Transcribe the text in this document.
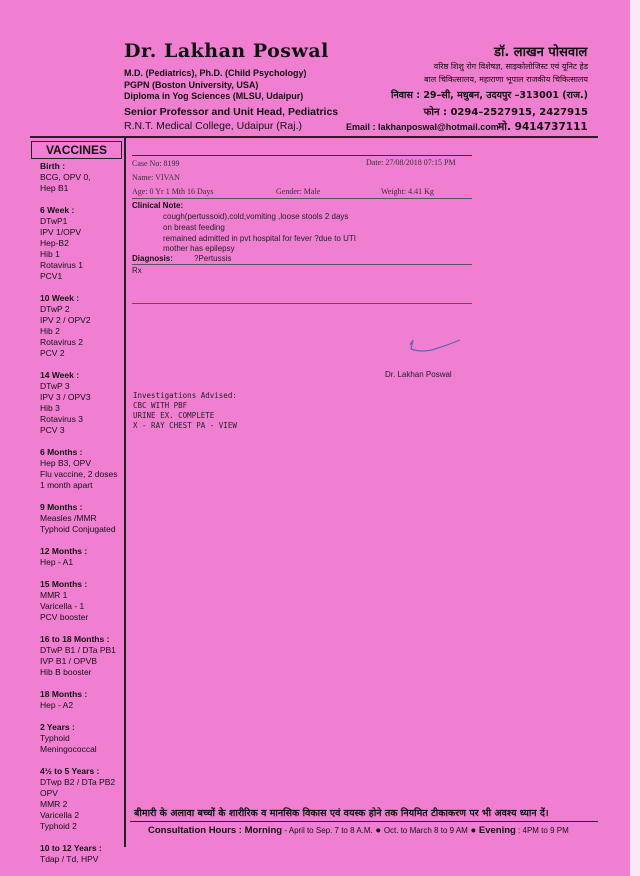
Dr. Lakhan Poswal
M.D. (Pediatrics), Ph.D. (Child Psychology)
PGPN (Boston University, USA)
Diploma in Yog Sciences (MLSU, Udaipur)
Senior Professor and Unit Head, Pediatrics
R.N.T. Medical College, Udaipur (Raj.)
डॉ. लाखन पोसवाल
वरिष्ठ शिशु रोग विशेषज्ञ, साइकोलोजिस्ट एवं यूनिट हेड
बाल चिकित्सालय, महाराणा भूपाल राजकीय चिकित्सालय
निवास : 29–सी, मधुबन, उदयपुर –313001 (राज.)
फोन : 0294–2527915, 2427915
Email : lakhanposwal@hotmail.com मो. 9414737111
VACCINES
Birth :
BCG, OPV 0,
Hep B1
6 Week :
DTwP1
IPV 1/OPV
Hep-B2
Hib 1
Rotavirus 1
PCV1
10 Week :
DTwP 2
IPV 2 / OPV2
Hib 2
Rotavirus 2
PCV 2
14 Week :
DTwP 3
IPV 3 / OPV3
Hib 3
Rotavirus 3
PCV 3
6 Months :
Hep B3, OPV
Flu vaccine, 2 doses
1 month apart
9 Months :
Measles /MMR
Typhoid Conjugated
12 Months :
Hep - A1
15 Months :
MMR 1
Varicella - 1
PCV booster
16 to 18 Months :
DTwP B1 / DTa PB1
IVP B1 / OPVB
Hib B booster
18 Months :
Hep - A2
2 Years :
Typhoid
Meningococcal
4½ to 5 Years :
DTwp B2 / DTa PB2
OPV
MMR 2
Varicella 2
Typhoid 2
10 to 12 Years :
Tdap / Td, HPV
Case No: 8199	Date: 27/08/2018 07:15 PM
Name: VIVAN
Age: 0 Yr 1 Mth 16 Days	Gender: Male	Weight: 4.41 Kg
Clinical Note:
cough(pertussoid),cold,vomiting ,loose stools 2 days
on breast feeding
remained admitted in pvt hospital for fever ?due to UTI
mother has epilepsy
Diagnosis:	?Pertussis
Rx
Dr. Lakhan Poswal
Investigations Advised:
CBC WITH PBF
URINE EX. COMPLETE
X - RAY CHEST PA - VIEW
बीमारी के अलावा बच्चों के शारीरिक व मानसिक विकास एवं वयस्क होने तक नियमित टीकाकरण पर भी अवश्य ध्यान दें।
Consultation Hours : Morning - April to Sep. 7 to 8 A.M. ● Oct. to March 8 to 9 AM ● Evening : 4PM to 9 PM
